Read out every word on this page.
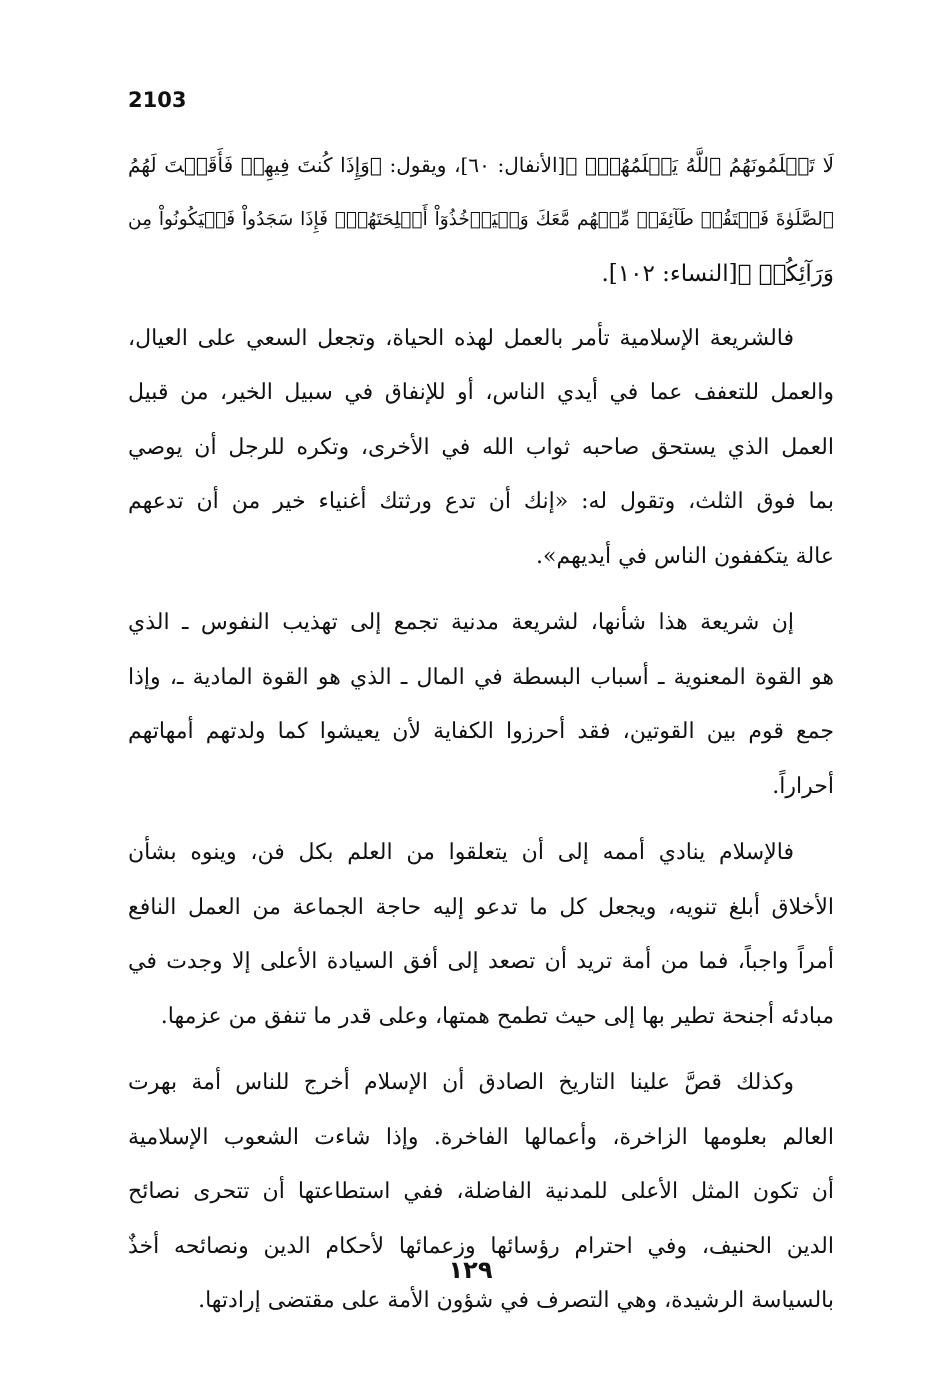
2103
لَا تَعۡلَمُونَهُمُ ٱللَّهُ يَعۡلَمُهُمۡۚ ﴾[الأنفال: ٦٠]، ويقول: ﴿وَإِذَا كُنتَ فِيهِمۡ فَأَقَمۡتَ لَهُمُ
ٱلصَّلَوٰةَ فَلۡتَقُمۡ طَآئِفَةٞ مِّنۡهُم مَّعَكَ وَلۡيَأۡخُذُوٓاْ أَسۡلِحَتَهُمۡۖ فَإِذَا سَجَدُواْ فَلۡيَكُونُواْ مِن
وَرَآئِكُمۡ ﴾[النساء: ١٠٢].
فالشريعة الإسلامية تأمر بالعمل لهذه الحياة، وتجعل السعي على العيال،
والعمل للتعفف عما في أيدي الناس، أو للإنفاق في سبيل الخير، من قبيل
العمل الذي يستحق صاحبه ثواب الله في الأخرى، وتكره للرجل أن يوصي
بما فوق الثلث، وتقول له: «إنك أن تدع ورثتك أغنياء خير من أن تدعهم
عالة يتكففون الناس في أيديهم».
إن شريعة هذا شأنها، لشريعة مدنية تجمع إلى تهذيب النفوس ـ الذي
هو القوة المعنوية ـ أسباب البسطة في المال ـ الذي هو القوة المادية ـ، وإذا
جمع قوم بين القوتين، فقد أحرزوا الكفاية لأن يعيشوا كما ولدتهم أمهاتهم
أحراراً.
فالإسلام ينادي أممه إلى أن يتعلقوا من العلم بكل فن، وينوه بشأن
الأخلاق أبلغ تنويه، ويجعل كل ما تدعو إليه حاجة الجماعة من العمل النافع
أمراً واجباً، فما من أمة تريد أن تصعد إلى أفق السيادة الأعلى إلا وجدت في
مبادئه أجنحة تطير بها إلى حيث تطمح همتها، وعلى قدر ما تنفق من عزمها.
وكذلك قصَّ علينا التاريخ الصادق أن الإسلام أخرج للناس أمة بهرت
العالم بعلومها الزاخرة، وأعمالها الفاخرة. وإذا شاءت الشعوب الإسلامية
أن تكون المثل الأعلى للمدنية الفاضلة، ففي استطاعتها أن تتحرى نصائح
الدين الحنيف، وفي احترام رؤسائها وزعمائها لأحكام الدين ونصائحه أخذٌ
بالسياسة الرشيدة، وهي التصرف في شؤون الأمة على مقتضى إرادتها.
١٢٩
